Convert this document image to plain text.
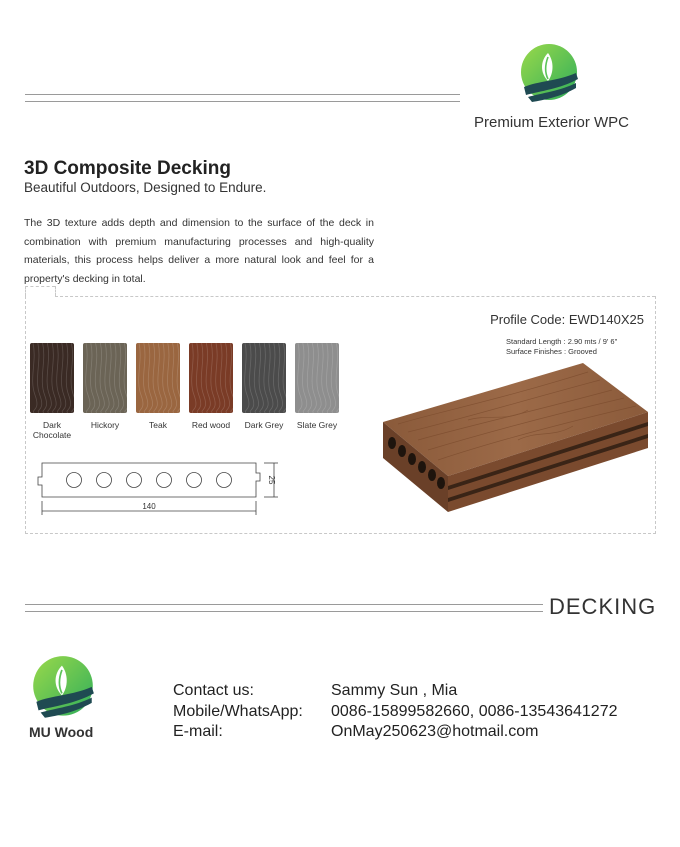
Premium Exterior WPC
3D Composite Decking
Beautiful Outdoors, Designed to Endure.
The 3D texture adds depth and dimension to the surface of the deck in combination with premium manufacturing processes and high-quality materials, this process helps deliver a more natural look and feel for a property's decking in total.
Profile Code: EWD140X25
Standard Length : 2.90 mts / 9' 6"
Surface Finishes : Grooved
Dark
Chocolate
Hickory	Teak	Red wood	Dark Grey	Slate Grey
140
25
DECKING
MU Wood
Contact us:	Sammy Sun , Mia
Mobile/WhatsApp: 0086-15899582660, 0086-13543641272
E-mail:	OnMay250623@hotmail.com
